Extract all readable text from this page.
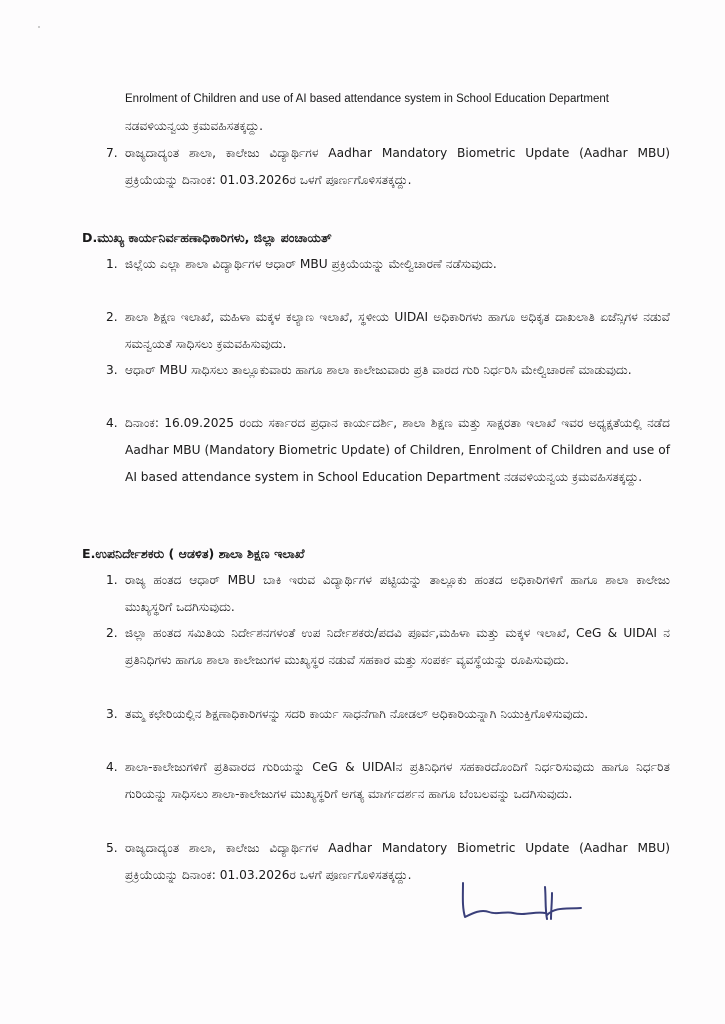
Enrolment of Children and use of AI based attendance system in School Education Department
ನಡವಳಿಯನ್ವಯ ಕ್ರಮವಹಿಸತಕ್ಕದ್ದು.
7. ರಾಜ್ಯದಾದ್ಯಂತ ಶಾಲಾ, ಕಾಲೇಜು ವಿದ್ಯಾರ್ಥಿಗಳ Aadhar Mandatory Biometric Update (Aadhar MBU) ಪ್ರಕ್ರಿಯೆಯನ್ನು ದಿನಾಂಕ: 01.03.2026ರ ಒಳಗೆ ಪೂರ್ಣಗೊಳಿಸತಕ್ಕದ್ದು.
D.ಮುಖ್ಯ ಕಾರ್ಯನಿರ್ವಹಣಾಧಿಕಾರಿಗಳು, ಜಿಲ್ಲಾ ಪಂಚಾಯತ್
1. ಜಿಲ್ಲೆಯ ಎಲ್ಲಾ ಶಾಲಾ ವಿದ್ಯಾರ್ಥಿಗಳ ಆಧಾರ್ MBU ಪ್ರಕ್ರಿಯೆಯನ್ನು ಮೇಲ್ವಿಚಾರಣೆ ನಡೆಸುವುದು.
2. ಶಾಲಾ ಶಿಕ್ಷಣ ಇಲಾಖೆ, ಮಹಿಳಾ ಮಕ್ಕಳ ಕಲ್ಯಾಣ ಇಲಾಖೆ, ಸ್ಥಳೀಯ UIDAI ಅಧಿಕಾರಿಗಳು ಹಾಗೂ ಅಧಿಕೃತ ದಾಖಲಾತಿ ಏಜೆನ್ಸಿಗಳ ನಡುವೆ ಸಮನ್ವಯತೆ ಸಾಧಿಸಲು ಕ್ರಮವಹಿಸುವುದು.
3. ಆಧಾರ್ MBU ಸಾಧಿಸಲು ತಾಲ್ಲೂಕುವಾರು ಹಾಗೂ ಶಾಲಾ ಕಾಲೇಜುವಾರು ಪ್ರತಿ ವಾರದ ಗುರಿ ನಿರ್ಧರಿಸಿ ಮೇಲ್ವಿಚಾರಣೆ ಮಾಡುವುದು.
4. ದಿನಾಂಕ: 16.09.2025 ರಂದು ಸರ್ಕಾರದ ಪ್ರಧಾನ ಕಾರ್ಯದರ್ಶಿ, ಶಾಲಾ ಶಿಕ್ಷಣ ಮತ್ತು ಸಾಕ್ಷರತಾ ಇಲಾಖೆ ಇವರ ಅಧ್ಯಕ್ಷತೆಯಲ್ಲಿ ನಡೆದ Aadhar MBU (Mandatory Biometric Update) of Children, Enrolment of Children and use of AI based attendance system in School Education Department ನಡವಳಿಯನ್ವಯ ಕ್ರಮವಹಿಸತಕ್ಕದ್ದು.
E.ಉಪನಿರ್ದೇಶಕರು ( ಆಡಳಿತ) ಶಾಲಾ ಶಿಕ್ಷಣ ಇಲಾಖೆ
1. ರಾಜ್ಯ ಹಂತದ ಆಧಾರ್ MBU ಬಾಕಿ ಇರುವ ವಿದ್ಯಾರ್ಥಿಗಳ ಪಟ್ಟಿಯನ್ನು ತಾಲ್ಲೂಕು ಹಂತದ ಅಧಿಕಾರಿಗಳಿಗೆ ಹಾಗೂ ಶಾಲಾ ಕಾಲೇಜು ಮುಖ್ಯಸ್ಥರಿಗೆ ಒದಗಿಸುವುದು.
2. ಜಿಲ್ಲಾ ಹಂತದ ಸಮಿತಿಯ ನಿರ್ದೇಶನಗಳಂತೆ ಉಪ ನಿರ್ದೇಶಕರು/ಪದವಿ ಪೂರ್ವ,ಮಹಿಳಾ ಮತ್ತು ಮಕ್ಕಳ ಇಲಾಖೆ, CeG & UIDAI ನ ಪ್ರತಿನಿಧಿಗಳು ಹಾಗೂ ಶಾಲಾ ಕಾಲೇಜುಗಳ ಮುಖ್ಯಸ್ಥರ ನಡುವೆ ಸಹಕಾರ ಮತ್ತು ಸಂಪರ್ಕ ವ್ಯವಸ್ಥೆಯನ್ನು ರೂಪಿಸುವುದು.
3. ತಮ್ಮ ಕಛೇರಿಯಲ್ಲಿನ ಶಿಕ್ಷಣಾಧಿಕಾರಿಗಳನ್ನು ಸದರಿ ಕಾರ್ಯ ಸಾಧನೆಗಾಗಿ ನೋಡಲ್ ಅಧಿಕಾರಿಯನ್ನಾಗಿ ನಿಯುಕ್ತಿಗೊಳಿಸುವುದು.
4. ಶಾಲಾ-ಕಾಲೇಜುಗಳಿಗೆ ಪ್ರತಿವಾರದ ಗುರಿಯನ್ನು CeG & UIDAIನ ಪ್ರತಿನಿಧಿಗಳ ಸಹಕಾರದೊಂದಿಗೆ ನಿರ್ಧರಿಸುವುದು ಹಾಗೂ ನಿರ್ಧರಿತ ಗುರಿಯನ್ನು ಸಾಧಿಸಲು ಶಾಲಾ-ಕಾಲೇಜುಗಳ ಮುಖ್ಯಸ್ಥರಿಗೆ ಅಗತ್ಯ ಮಾರ್ಗದರ್ಶನ ಹಾಗೂ ಬೆಂಬಲವನ್ನು ಒದಗಿಸುವುದು.
5. ರಾಜ್ಯದಾದ್ಯಂತ ಶಾಲಾ, ಕಾಲೇಜು ವಿದ್ಯಾರ್ಥಿಗಳ Aadhar Mandatory Biometric Update (Aadhar MBU) ಪ್ರಕ್ರಿಯೆಯನ್ನು ದಿನಾಂಕ: 01.03.2026ರ ಒಳಗೆ ಪೂರ್ಣಗೊಳಿಸತಕ್ಕದ್ದು.
